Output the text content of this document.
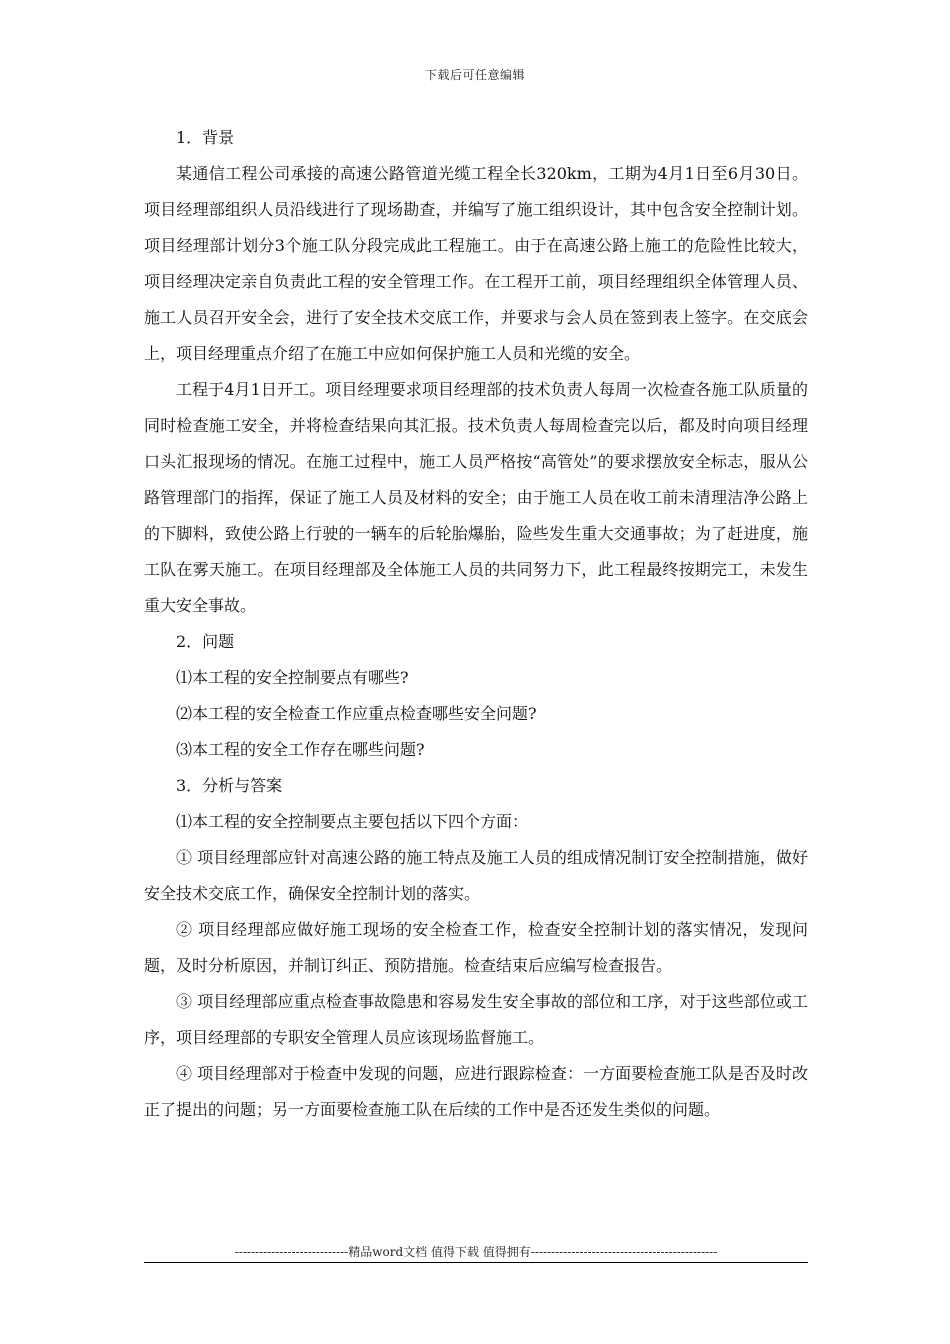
下载后可任意编辑

1．背景

某通信工程公司承接的高速公路管道光缆工程全长320km，工期为4月1日至6月30日。项目经理部组织人员沿线进行了现场勘查，并编写了施工组织设计，其中包含安全控制计划。项目经理部计划分3个施工队分段完成此工程施工。由于在高速公路上施工的危险性比较大，项目经理决定亲自负责此工程的安全管理工作。在工程开工前，项目经理组织全体管理人员、施工人员召开安全会，进行了安全技术交底工作，并要求与会人员在签到表上签字。在交底会上，项目经理重点介绍了在施工中应如何保护施工人员和光缆的安全。

工程于4月1日开工。项目经理要求项目经理部的技术负责人每周一次检查各施工队质量的同时检查施工安全，并将检查结果向其汇报。技术负责人每周检查完以后，都及时向项目经理口头汇报现场的情况。在施工过程中，施工人员严格按“高管处”的要求摆放安全标志，服从公路管理部门的指挥，保证了施工人员及材料的安全；由于施工人员在收工前未清理洁净公路上的下脚料，致使公路上行驶的一辆车的后轮胎爆胎，险些发生重大交通事故；为了赶进度，施工队在雾天施工。在项目经理部及全体施工人员的共同努力下，此工程最终按期完工，未发生重大安全事故。

2．问题

⑴本工程的安全控制要点有哪些?

⑵本工程的安全检查工作应重点检查哪些安全问题?

⑶本工程的安全工作存在哪些问题?

3．分析与答案

⑴本工程的安全控制要点主要包括以下四个方面：

① 项目经理部应针对高速公路的施工特点及施工人员的组成情况制订安全控制措施，做好安全技术交底工作，确保安全控制计划的落实。

② 项目经理部应做好施工现场的安全检查工作，检查安全控制计划的落实情况，发现问题，及时分析原因，并制订纠正、预防措施。检查结束后应编写检查报告。

③ 项目经理部应重点检查事故隐患和容易发生安全事故的部位和工序，对于这些部位或工序，项目经理部的专职安全管理人员应该现场监督施工。

④ 项目经理部对于检查中发现的问题，应进行跟踪检查：一方面要检查施工队是否及时改正了提出的问题；另一方面要检查施工队在后续的工作中是否还发生类似的问题。

----------------------------精品word文档 值得下载 值得拥有----------------------------------------------
